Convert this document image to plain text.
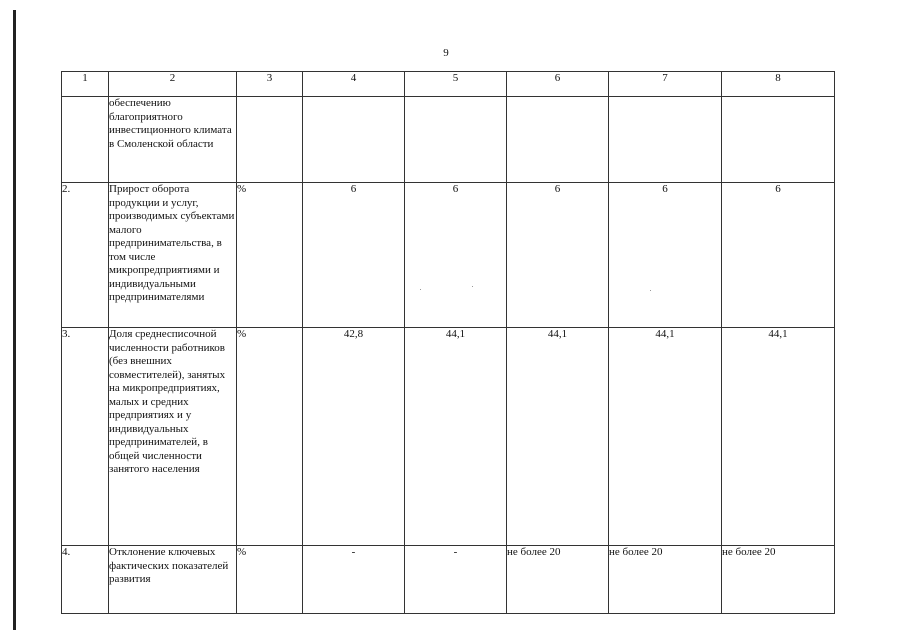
9
1	2	3	4	5	6	7	8
	обеспечению благоприятного инвестиционного климата в Смоленской области						
2.	Прирост оборота продукции и услуг, производимых субъектами малого предпринимательства, в том числе микропредприятиями и индивидуальными предпринимателями	%	6	6	6	6	6
3.	Доля среднесписочной численности работников (без внешних совместителей), занятых на микропредприятиях, малых и средних предприятиях и у индивидуальных предпринимателей, в общей численности занятого населения	%	42,8	44,1	44,1	44,1	44,1
4.	Отклонение ключевых фактических показателей развития	%	-	-	не более 20	не более 20	не более 20
